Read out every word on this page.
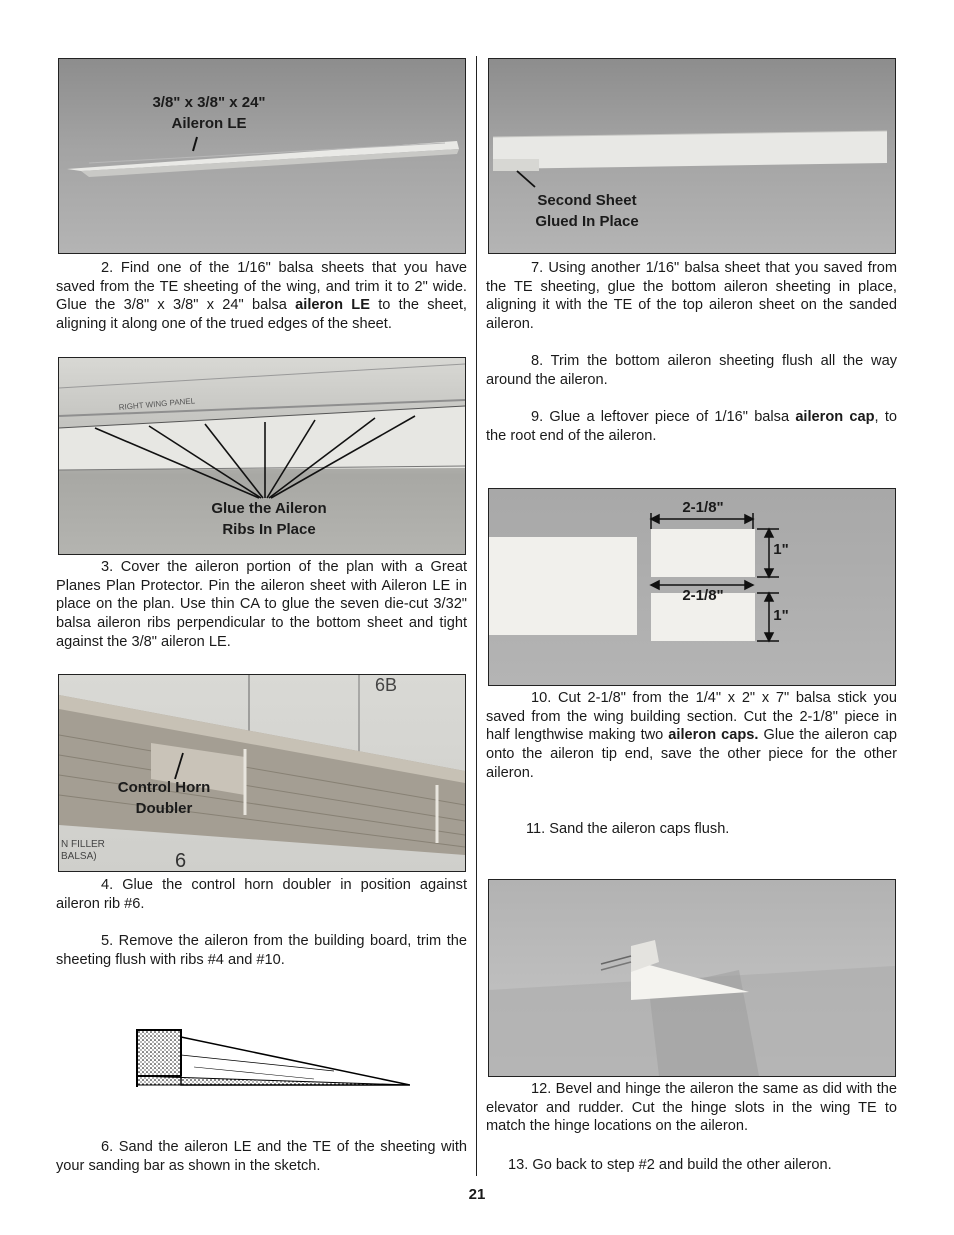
3/8" x 3/8" x 24"
Aileron LE

2. Find one of the 1/16" balsa sheets that you have saved from the TE sheeting of the wing, and trim it to 2" wide. Glue the 3/8" x 3/8" x 24" balsa aileron LE to the sheet, aligning it along one of the trued edges of the sheet.

RIGHT WING PANEL
Glue the Aileron
Ribs In Place

3. Cover the aileron portion of the plan with a Great Planes Plan Protector. Pin the aileron sheet with Aileron LE in place on the plan. Use thin CA to glue the seven die-cut 3/32" balsa aileron ribs perpendicular to the bottom sheet and tight against the 3/8" aileron LE.

6B
6
N FILLER
BALSA)
Control Horn
Doubler

4. Glue the control horn doubler in position against aileron rib #6.

5. Remove the aileron from the building board, trim the sheeting flush with ribs #4 and #10.

6. Sand the aileron LE and the TE of the sheeting with your sanding bar as shown in the sketch.

Second Sheet
Glued In Place

7. Using another 1/16" balsa sheet that you saved from the TE sheeting, glue the bottom aileron sheeting in place, aligning it with the TE of the top aileron sheet on the sanded aileron.

8. Trim the bottom aileron sheeting flush all the way around the aileron.

9. Glue a leftover piece of 1/16" balsa aileron cap, to the root end of the aileron.

2-1/8"
2-1/8"
1"
1"

10. Cut 2-1/8" from the 1/4" x 2" x 7" balsa stick you saved from the wing building section. Cut the 2-1/8" piece in half lengthwise making two aileron caps. Glue the aileron cap onto the aileron tip end, save the other piece for the other aileron.

11. Sand the aileron caps flush.

12. Bevel and hinge the aileron the same as did with the elevator and rudder. Cut the hinge slots in the wing TE to match the hinge locations on the aileron.

13. Go back to step #2 and build the other aileron.

21
